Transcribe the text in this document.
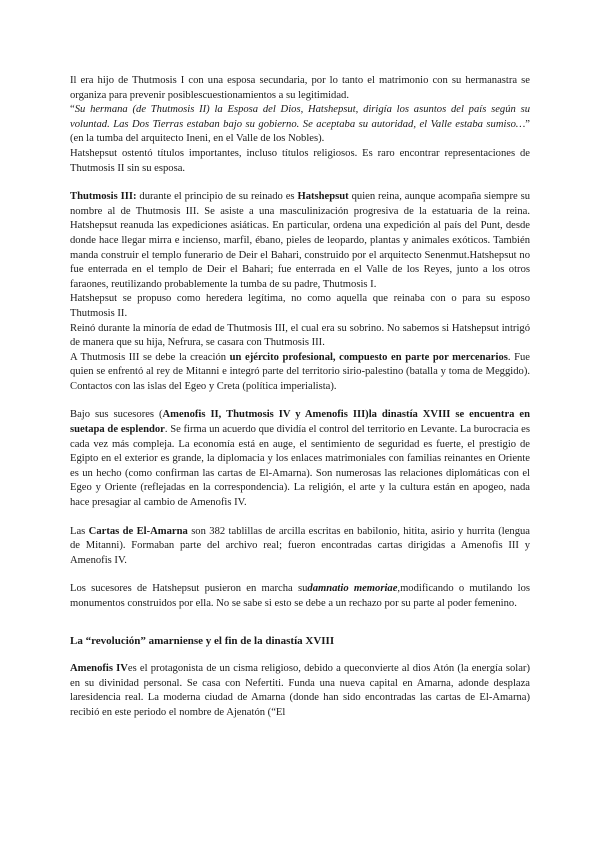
Il era hijo de Thutmosis I con una esposa secundaria, por lo tanto el matrimonio con su hermanastra se organiza para prevenir posiblescuestionamientos a su legitimidad.

“Su hermana (de Thutmosis II) la Esposa del Dios, Hatshepsut, dirigía los asuntos del país según su voluntad. Las Dos Tierras estaban bajo su gobierno. Se aceptaba su autoridad, el Valle estaba sumiso…” (en la tumba del arquitecto Ineni, en el Valle de los Nobles).

Hatshepsut ostentó títulos importantes, incluso títulos religiosos. Es raro encontrar representaciones de Thutmosis II sin su esposa.

Thutmosis III: durante el principio de su reinado es Hatshepsut quien reina, aunque acompaña siempre su nombre al de Thutmosis III. Se asiste a una masculinización progresiva de la estatuaria de la reina. Hatshepsut reanuda las expediciones asiáticas. En particular, ordena una expedición al país del Punt, desde donde hace llegar mirra e incienso, marfil, ébano, pieles de leopardo, plantas y animales exóticos. También manda construir el templo funerario de Deir el Bahari, construido por el arquitecto Senenmut.Hatshepsut no fue enterrada en el templo de Deir el Bahari; fue enterrada en el Valle de los Reyes, junto a los otros faraones, reutilizando probablemente la tumba de su padre, Thutmosis I.

Hatshepsut se propuso como heredera legítima, no como aquella que reinaba con o para su esposo Thutmosis II.

Reinó durante la minoría de edad de Thutmosis III, el cual era su sobrino. No sabemos si Hatshepsut intrigó de manera que su hija, Nefrura, se casara con Thutmosis III.

A Thutmosis III se debe la creación un ejército profesional, compuesto en parte por mercenarios. Fue quien se enfrentó al rey de Mitanni e integró parte del territorio sirio-palestino (batalla y toma de Meggido). Contactos con las islas del Egeo y Creta (política imperialista).

Bajo sus sucesores (Amenofis II, Thutmosis IV y Amenofis III)la dinastía XVIII se encuentra en suetapa de esplendor. Se firma un acuerdo que dividía el control del territorio en Levante. La burocracia es cada vez más compleja. La economía está en auge, el sentimiento de seguridad es fuerte, el prestigio de Egipto en el exterior es grande, la diplomacia y los enlaces matrimoniales con familias reinantes en Oriente es un hecho (como confirman las cartas de El-Amarna). Son numerosas las relaciones diplomáticas con el Egeo y Oriente (reflejadas en la correspondencia). La religión, el arte y la cultura están en apogeo, nada hace presagiar al cambio de Amenofis IV.

Las Cartas de El-Amarna son 382 tablillas de arcilla escritas en babilonio, hitita, asirio y hurrita (lengua de Mitanni). Formaban parte del archivo real; fueron encontradas cartas dirigidas a Amenofis III y Amenofis IV.

Los sucesores de Hatshepsut pusieron en marcha sudamnatio memoriae,modificando o mutilando los monumentos construidos por ella. No se sabe si esto se debe a un rechazo por su parte al poder femenino.

La “revolución” amarniense y el fin de la dinastía XVIII

Amenofis IVes el protagonista de un cisma religioso, debido a queconvierte al dios Atón (la energía solar) en su divinidad personal. Se casa con Nefertiti. Funda una nueva capital en Amarna, adonde desplaza laresidencia real. La moderna ciudad de Amarna (donde han sido encontradas las cartas de El-Amarna) recibió en este periodo el nombre de Ajenatón (“El
